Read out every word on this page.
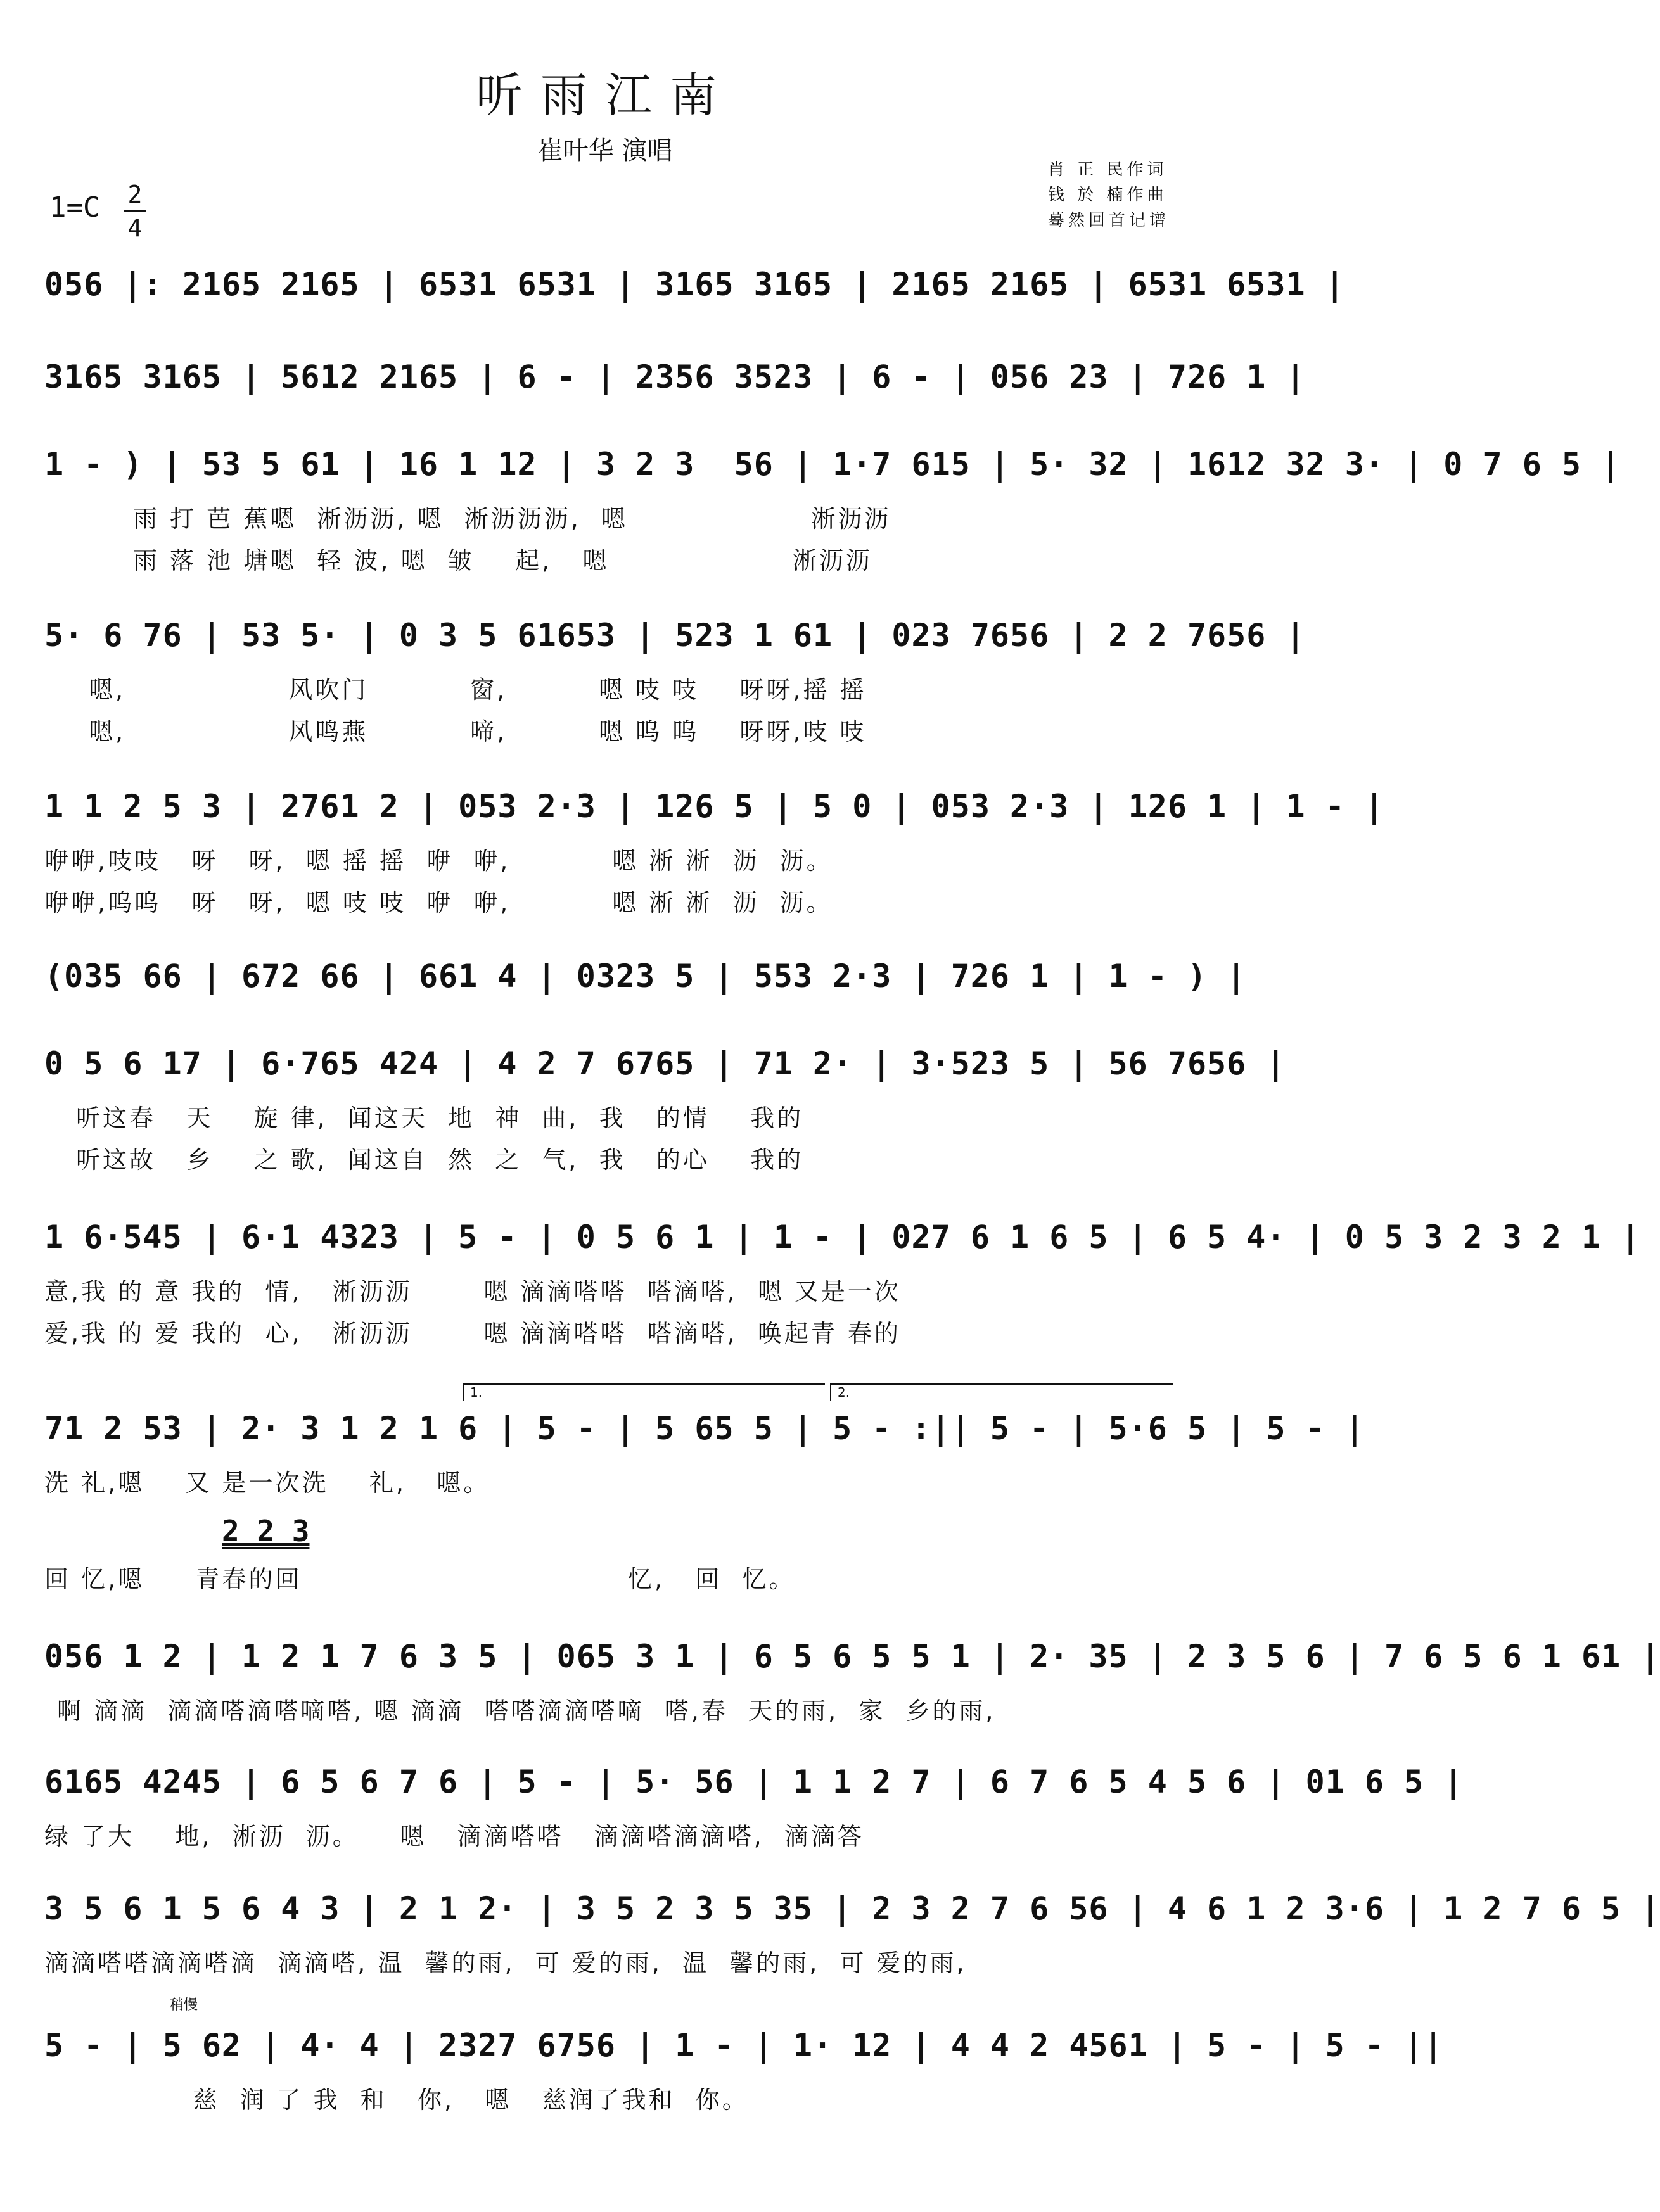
听雨江南
崔叶华 演唱
肖 正 民作词
钱 於 楠作曲
蓦然回首记谱
$1=C \frac{2}{4}$
056 |: 2165 2165 | 6531 6531 | 3165 3165 | 2165 2165 | 6531 6531 |
3165 3165 | 5612 2165 | 6 - | 2356 3523 | 6 - | 056 23 | 726 1 |
1 - ) | 53 5 61 | 16 1 12 | 3 2 3  56 | 1·7 615 | 5· 32 | 1612 32 3· | 0 7 6 5 |
雨 打 芭 蕉嗯  淅沥沥, 嗯  淅沥沥沥,  嗯                  淅沥沥
雨 落 池 塘嗯  轻 波, 嗯  皱    起,   嗯                  淅沥沥
5· 6 76 | 53 5· | 0 3 5 61653 | 523 1 61 | 023 7656 | 2 2 7656 |
嗯,                风吹门          窗,         嗯 吱 吱    呀呀,摇 摇
嗯,                风鸣燕          啼,         嗯 呜 呜    呀呀,吱 吱
1 1 2 5 3 | 2761 2 | 053 2·3 | 126 5 | 5 0 | 053 2·3 | 126 1 | 1 - |
咿咿,吱吱   呀   呀,  嗯 摇 摇  咿  咿,          嗯 淅 淅  沥  沥。
咿咿,呜呜   呀   呀,  嗯 吱 吱  咿  咿,          嗯 淅 淅  沥  沥。
(035 66 | 672 66 | 661 4 | 0323 5 | 553 2·3 | 726 1 | 1 - ) |
0 5 6 17 | 6·765 424 | 4 2 7 6765 | 71 2· | 3·523 5 | 56 7656 |
听这春   天    旋 律,  闻这天  地  神  曲,  我   的情    我的
听这故   乡    之 歌,  闻这自  然  之  气,  我   的心    我的
1 6·545 | 6·1 4323 | 5 - | 0 5 6 1 | 1 - | 027 6 1 6 5 | 6 5 4· | 0 5 3 2 3 2 1 |
意,我 的 意 我的  情,   淅沥沥       嗯 滴滴嗒嗒  嗒滴嗒,  嗯 又是一次
爱,我 的 爱 我的  心,   淅沥沥       嗯 滴滴嗒嗒  嗒滴嗒,  唤起青 春的
1.	2.
71 2 53 | 2· 3 1 2 1 6 | 5 - | 5 65 5 | 5 - :|| 5 - | 5·6 5 | 5 - |
洗 礼,嗯    又 是一次洗    礼,   嗯。
2 2 3
回 忆,嗯     青春的回                                忆,   回  忆。
056 1 2 | 1 2 1 7 6 3 5 | 065 3 1 | 6 5 6 5 5 1 | 2· 35 | 2 3 5 6 | 7 6 5 6 1 61 |
啊 滴滴  滴滴嗒滴嗒嘀嗒, 嗯 滴滴  嗒嗒滴滴嗒嘀  嗒,春  天的雨,  家  乡的雨,
6165 4245 | 6 5 6 7 6 | 5 - | 5· 56 | 1 1 2 7 | 6 7 6 5 4 5 6 | 01 6 5 |
绿 了大    地,  淅沥  沥。    嗯   滴滴嗒嗒   滴滴嗒滴滴嗒,  滴滴答
3 5 6 1 5 6 4 3 | 2 1 2· | 3 5 2 3 5 35 | 2 3 2 7 6 56 | 4 6 1 2 3·6 | 1 2 7 6 5 |
滴滴嗒嗒滴滴嗒滴  滴滴嗒, 温  馨的雨,  可 爱的雨,  温  馨的雨,  可 爱的雨,
稍慢
5 - | 5 62 | 4· 4 | 2327 6756 | 1 - | 1· 12 | 4 4 2 4561 | 5 - | 5 - ||
慈  润 了 我  和   你,   嗯   慈润了我和  你。
